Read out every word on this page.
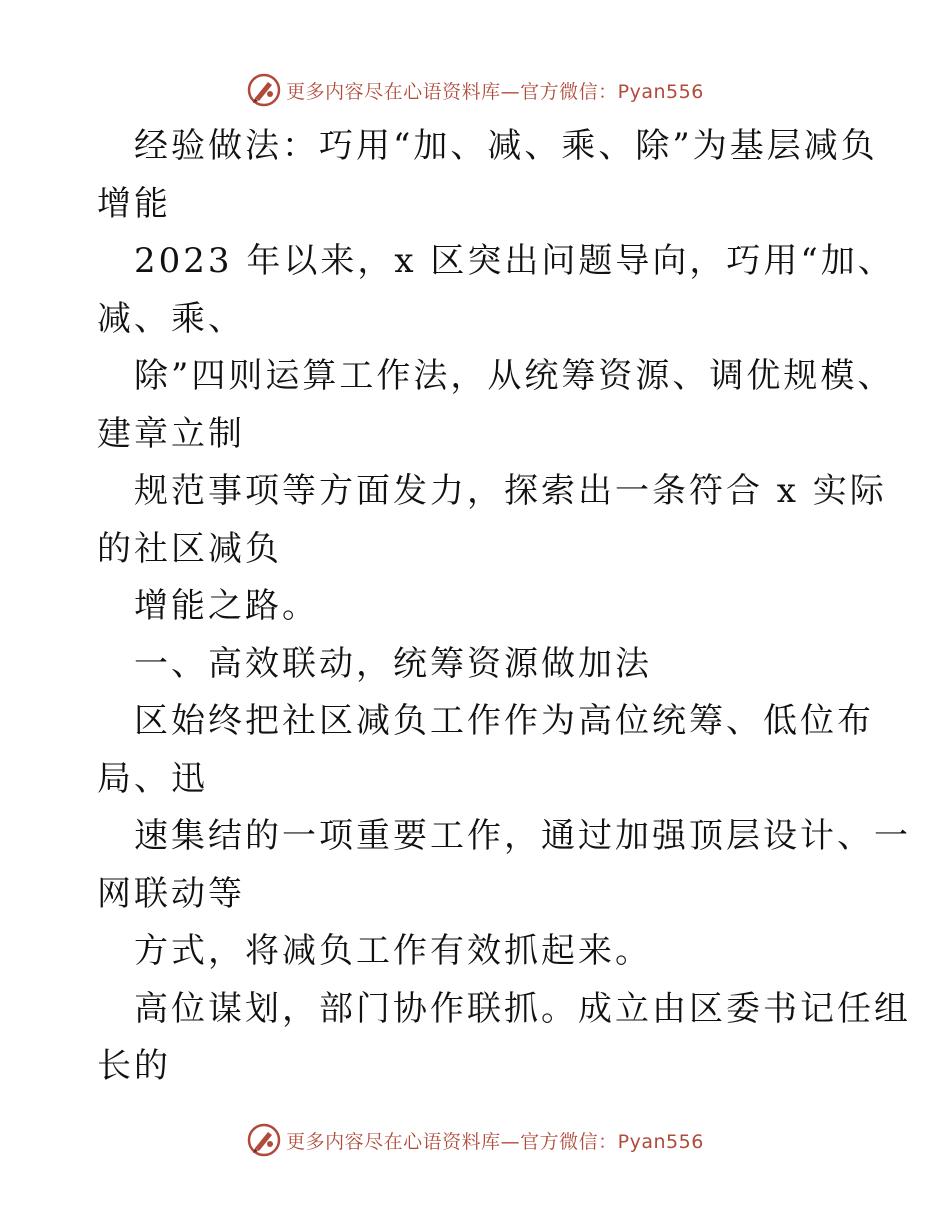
更多内容尽在心语资料库—官方微信：Pyan556

经验做法：巧用“加、减、乘、除”为基层减负

增能

2023 年以来，x 区突出问题导向，巧用“加、

减、乘、

除”四则运算工作法，从统筹资源、调优规模、

建章立制

规范事项等方面发力，探索出一条符合 x 实际

的社区减负

增能之路。

一、高效联动，统筹资源做加法

区始终把社区减负工作作为高位统筹、低位布

局、迅

速集结的一项重要工作，通过加强顶层设计、一

网联动等

方式，将减负工作有效抓起来。

高位谋划，部门协作联抓。成立由区委书记任组

长的

更多内容尽在心语资料库—官方微信：Pyan556
